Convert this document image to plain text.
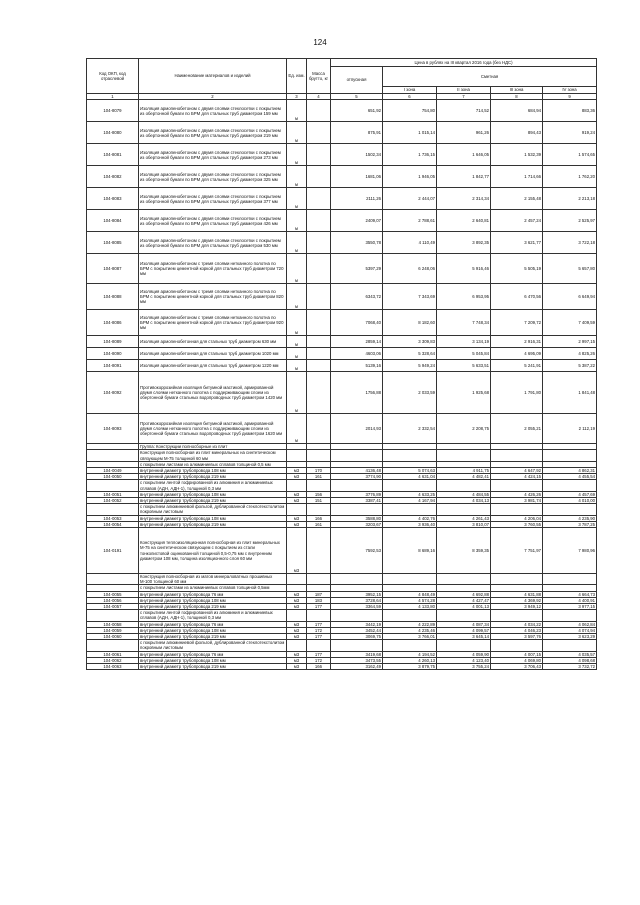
124
Код ОКП, код отраслевой	Наименование материалов и изделий	Ед. изм.	Масса брутто, кг	Цена в рублях на III квартал 2016 года (без НДС)				
				отпускная	Сметная			
					I зона	II зона	III зона	IV зона
1	2	3	4	5	6	7	8	9
104-8079	Изоляция армопенобетоном с двумя слоями стеклосетки с покрытием из обертонной бумаги по БРМ для стальных труб диаметром 159 мм	м		651,92	754,80	714,52	684,94	883,36
104-8080	Изоляция армопенобетоном с двумя слоями стеклосетки с покрытием из обертонной бумаги по БРМ для стальных труб диаметром 219 мм	м		875,91	1 015,14	961,26	894,43	919,24
104-8081	Изоляция армопенобетоном с двумя слоями стеклосетки с покрытием из обертонной бумаги по БРМ для стальных труб диаметром 273 мм	м		1502,34	1 736,15	1 646,05	1 532,39	1 574,65
104-8082	Изоляция армопенобетоном с двумя слоями стеклосетки с покрытием из обертонной бумаги по БРМ для стальных труб диаметром 325 мм	м		1681,06	1 946,05	1 842,77	1 714,66	1 762,20
104-8083	Изоляция армопенобетоном с двумя слоями стеклосетки с покрытием из обертонной бумаги по БРМ для стальных труб диаметром 377 мм	м		2111,26	2 444,07	2 314,34	2 155,48	2 213,18
104-8084	Изоляция армопенобетоном с двумя слоями стеклосетки с покрытием из обертонной бумаги по БРМ для стальных труб диаметром 426 мм	м		2409,07	2 788,61	2 640,81	2 457,24	2 525,97
104-8085	Изоляция армопенобетоном с двумя слоями стеклосетки с покрытием из обертонной бумаги по БРМ для стальных труб диаметром 530 мм	м		3550,78	4 110,49	3 892,35	3 621,77	3 722,18
104-8087	Изоляция армопенобетоном с тремя слоями нетканного полотна по БРМ с покрытием цементной коркой для стальных труб диаметром 720 мм	м		5397,29	6 248,06	5 916,46	5 505,19	5 657,80
104-8088	Изоляция армопенобетоном с тремя слоями нетканного полотна по БРМ с покрытием цементной коркой для стальных труб диаметром 820 мм	м		6343,72	7 343,69	6 953,95	6 470,56	6 649,94
104-8086	Изоляция армопенобетоном с тремя слоями нетканного полотна по БРМ с покрытием цементной коркой для стальных труб диаметром 920 мм	м		7068,40	8 182,60	7 748,34	7 209,72	7 409,59
104-8089	Изоляция армопенобетонная для стальных труб диаметром 630 мм	м		2859,14	3 309,83	3 134,19	2 916,31	2 997,15
104-8090	Изоляция армопенобетонная для стальных труб диаметром 1020 мм	м		4603,06	5 328,64	5 045,84	4 695,09	4 825,26
104-8091	Изоляция армопенобетонная для стальных труб диаметром 1220 мм	м		5139,16	5 949,24	5 633,51	5 241,91	5 387,22
104-8092	Противокоррозийная изоляция битумной мастикой, армированной двумя слоями нетканного полотна с поддерживающим слоем из обертонной бумаги стальных водопроводных труб диаметром 1420 мм	м		1756,88	2 033,59	1 925,68	1 791,80	1 841,48
104-8093	Противокоррозийная изоляция битумной мастикой, армированной двумя слоями нетканного полотна с поддерживающим слоем из обертонной бумаги стальных водопроводных труб диаметром 1620 мм	м		2014,93	2 332,54	2 208,75	2 055,21	2 112,19
	Группа: Конструкции полносборные из плит							
	Конструкция полносборная из плит минеральных на синтетическом связующем М-75 толщиной 60 мм							
	с покрытием листами из алюминиевых сплавов толщиной 0,5 мм							
104-0049	внутренний диаметр трубопровода 108 мм	м3	170	4136,48	5 074,63	4 911,75	4 647,92	4 862,31
104-0050	внутренний диаметр трубопровода 219 мм	м3	161	3774,90	4 631,04	4 482,41	4 424,15	4 455,54
	с покрытием лентой гофрированной из алюминия и алюминиевых сплавов (АДН, АДН-1), толщиной 0,3 мм							
104-0051	внутренний диаметр трубопровода 108 мм	м3	156	3776,89	4 633,25	4 484,55	4 426,26	4 457,69
104-0052	внутренний диаметр трубопровода 219 мм	м3	151	3387,41	4 167,94	4 034,13	3 981,74	4 010,00
	с покрытием алюминиевой фольгой, дублированной стеклотекстолитом покровным листовым							
104-0053	внутренний диаметр трубопровода 108 мм	м3	166	3588,80	4 402,76	4 261,43	4 206,04	4 235,90
104-0054	внутренний диаметр трубопровода 219 мм	м3	161	3203,67	3 936,40	3 810,07	3 760,55	3 787,25
104-0191	Конструкция теплоизоляционная полносборная из плит минеральных М-75 на синтетическом связующем с покрытием из стали тонколистовой оцинкованной толщиной 0,5-0,75 мм с внутренним диаметром 108 мм, толщина изоляционного слоя 60 мм	м3		7592,53	8 689,16	8 359,35	7 751,97	7 980,96
	Конструкция полносборная из матов минераловатных прошивных М-100 толщиной 60 мм							
	с покрытием листами из алюминиевых сплавов толщиной 0,5мм							
104-0055	внутренний диаметр трубопровода 76 мм	м3	187	3952,15	4 848,49	4 692,88	4 631,88	4 664,73
104-0056	внутренний диаметр трубопровода 108 мм	м3	183	3728,64	4 574,28	4 427,47	4 369,92	4 400,91
104-0057	внутренний диаметр трубопровода 219 мм	м3	177	3364,59	4 133,80	4 001,13	3 949,12	3 977,15
	с покрытием лентой гофрированной из алюминия и алюминиевых сплавов (АДН, АДН-1), толщиной 0,3 мм							
104-0058	внутренний диаметр трубопровода 76 мм	м3	177	3442,19	4 222,89	4 087,34	4 034,22	4 062,84
104-0059	внутренний диаметр трубопровода 108 мм	м3	172	3452,44	4 235,46	4 099,57	4 046,23	4 074,94
104-0060	внутренний диаметр трубопровода 219 мм	м3	177	3069,75	3 766,01	3 645,14	3 597,76	3 623,29
	с покрытием алюминиевой фольгой, дублированной стеклотекстолитом покровным листовым							
104-0061	внутренний диаметр трубопровода 76 мм	м3	177	3419,68	4 194,52	4 059,90	4 007,15	4 035,57
104-0062	внутренний диаметр трубопровода 108 мм	м3	172	3473,55	4 260,13	4 123,40	4 069,80	4 098,68
104-0063	внутренний диаметр трубопровода 219 мм	м3	166	3162,49	3 879,75	3 755,24	3 706,43	3 732,72
